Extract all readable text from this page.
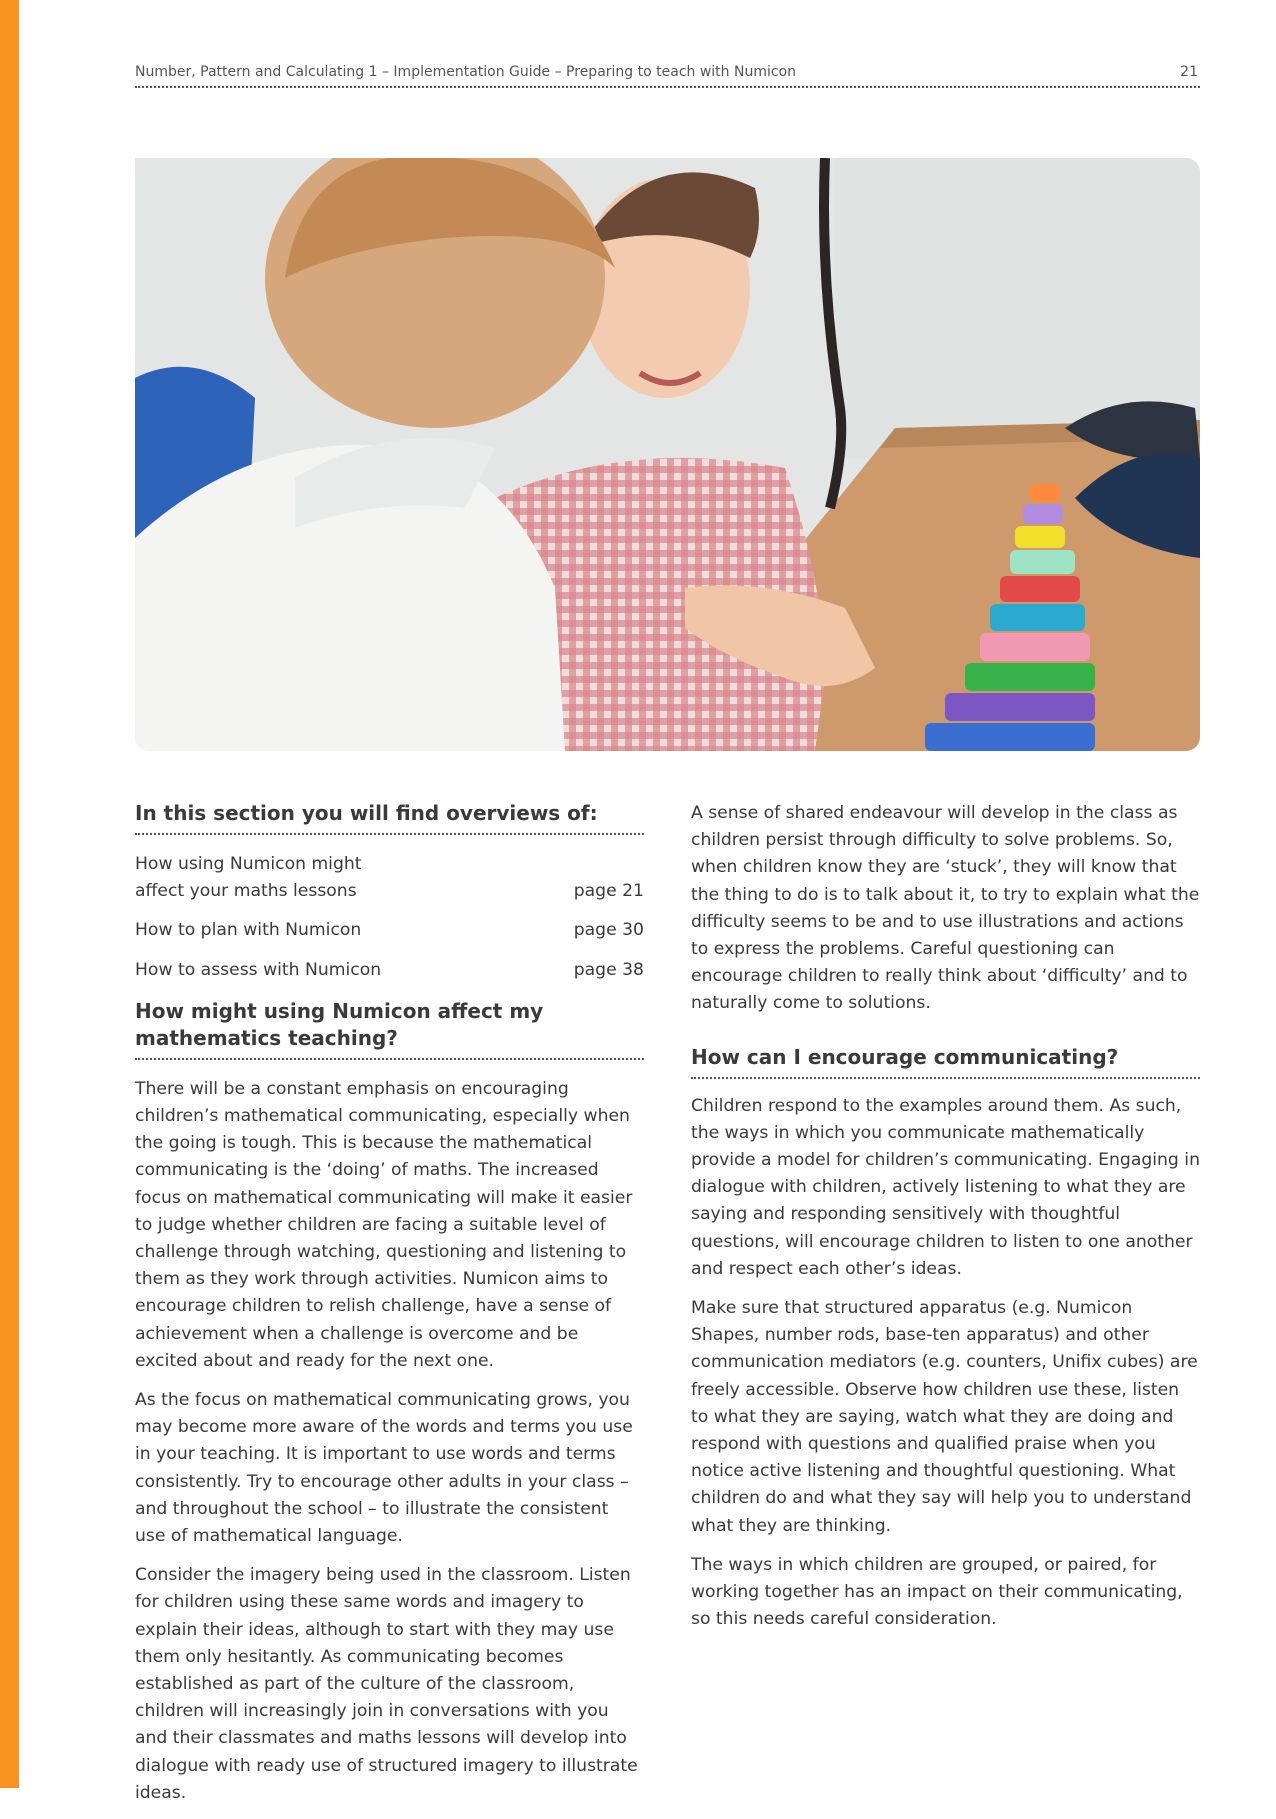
Number, Pattern and Calculating 1 – Implementation Guide – Preparing to teach with Numicon	21
In this section you will find overviews of:
How using Numicon might affect your maths lessons	page 21
How to plan with Numicon	page 30
How to assess with Numicon	page 38
How might using Numicon affect my mathematics teaching?

There will be a constant emphasis on encouraging children’s mathematical communicating, especially when the going is tough. This is because the mathematical communicating is the ‘doing’ of maths. The increased focus on mathematical communicating will make it easier to judge whether children are facing a suitable level of challenge through watching, questioning and listening to them as they work through activities. Numicon aims to encourage children to relish challenge, have a sense of achievement when a challenge is overcome and be excited about and ready for the next one.

As the focus on mathematical communicating grows, you may become more aware of the words and terms you use in your teaching. It is important to use words and terms consistently. Try to encourage other adults in your class – and throughout the school – to illustrate the consistent use of mathematical language.

Consider the imagery being used in the classroom. Listen for children using these same words and imagery to explain their ideas, although to start with they may use them only hesitantly. As communicating becomes established as part of the culture of the classroom, children will increasingly join in conversations with you and their classmates and maths lessons will develop into dialogue with ready use of structured imagery to illustrate ideas.

A sense of shared endeavour will develop in the class as children persist through difficulty to solve problems. So, when children know they are ‘stuck’, they will know that the thing to do is to talk about it, to try to explain what the difficulty seems to be and to use illustrations and actions to express the problems. Careful questioning can encourage children to really think about ‘difficulty’ and to naturally come to solutions.

How can I encourage communicating?

Children respond to the examples around them. As such, the ways in which you communicate mathematically provide a model for children’s communicating. Engaging in dialogue with children, actively listening to what they are saying and responding sensitively with thoughtful questions, will encourage children to listen to one another and respect each other’s ideas.

Make sure that structured apparatus (e.g. Numicon Shapes, number rods, base-ten apparatus) and other communication mediators (e.g. counters, Unifix cubes) are freely accessible. Observe how children use these, listen to what they are saying, watch what they are doing and respond with questions and qualified praise when you notice active listening and thoughtful questioning. What children do and what they say will help you to understand what they are thinking.

The ways in which children are grouped, or paired, for working together has an impact on their communicating, so this needs careful consideration.
